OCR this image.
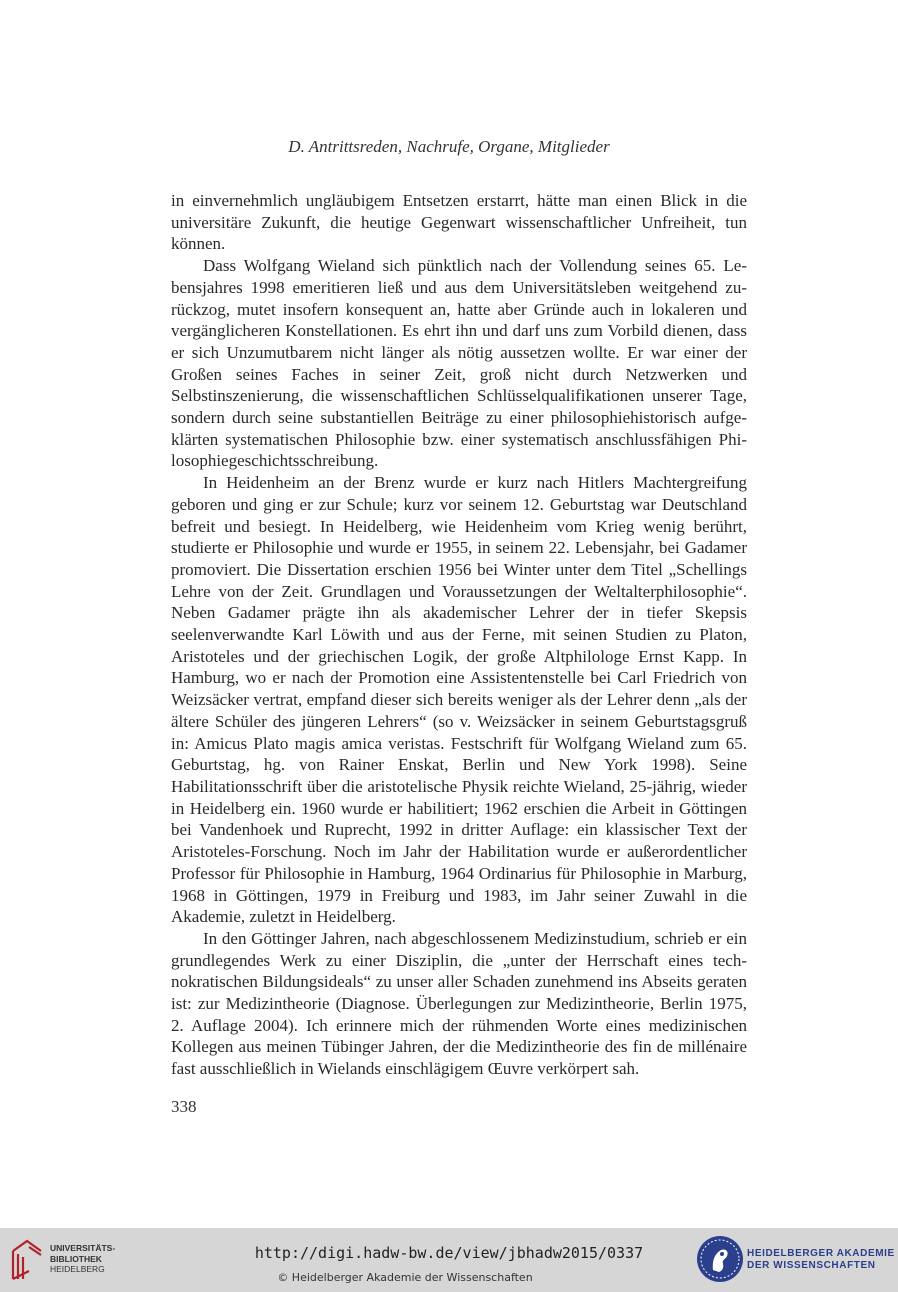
D. Antrittsreden, Nachrufe, Organe, Mitglieder

in einvernehmlich ungläubigem Entsetzen erstarrt, hätte man einen Blick in die universitäre Zukunft, die heutige Gegenwart wissenschaftlicher Unfreiheit, tun können.

Dass Wolfgang Wieland sich pünktlich nach der Vollendung seines 65. Lebensjahres 1998 emeritieren ließ und aus dem Universitätsleben weitgehend zurückzog, mutet insofern konsequent an, hatte aber Gründe auch in lokaleren und vergänglicheren Konstellationen. Es ehrt ihn und darf uns zum Vorbild dienen, dass er sich Unzumutbarem nicht länger als nötig aussetzen wollte. Er war einer der Großen seines Faches in seiner Zeit, groß nicht durch Netzwerken und Selbstinszenierung, die wissenschaftlichen Schlüsselqualifikationen unserer Tage, sondern durch seine substantiellen Beiträge zu einer philosophiehistorisch aufgeklärten systematischen Philosophie bzw. einer systematisch anschlussfähigen Philosophiegeschichtsschreibung.

In Heidenheim an der Brenz wurde er kurz nach Hitlers Machtergreifung geboren und ging er zur Schule; kurz vor seinem 12. Geburtstag war Deutschland befreit und besiegt. In Heidelberg, wie Heidenheim vom Krieg wenig berührt, studierte er Philosophie und wurde er 1955, in seinem 22. Lebensjahr, bei Gadamer promoviert. Die Dissertation erschien 1956 bei Winter unter dem Titel „Schellings Lehre von der Zeit. Grundlagen und Voraussetzungen der Weltalterphilosophie“. Neben Gadamer prägte ihn als akademischer Lehrer der in tiefer Skepsis seelenverwandte Karl Löwith und aus der Ferne, mit seinen Studien zu Platon, Aristoteles und der griechischen Logik, der große Altphilologe Ernst Kapp. In Hamburg, wo er nach der Promotion eine Assistentenstelle bei Carl Friedrich von Weizsäcker vertrat, empfand dieser sich bereits weniger als der Lehrer denn „als der ältere Schüler des jüngeren Lehrers“ (so v. Weizsäcker in seinem Geburtstagsgruß in: Amicus Plato magis amica veristas. Festschrift für Wolfgang Wieland zum 65. Geburtstag, hg. von Rainer Enskat, Berlin und New York 1998). Seine Habilitationsschrift über die aristotelische Physik reichte Wieland, 25-jährig, wieder in Heidelberg ein. 1960 wurde er habilitiert; 1962 erschien die Arbeit in Göttingen bei Vandenhoek und Ruprecht, 1992 in dritter Auflage: ein klassischer Text der Aristoteles-Forschung. Noch im Jahr der Habilitation wurde er außerordentlicher Professor für Philosophie in Hamburg, 1964 Ordinarius für Philosophie in Marburg, 1968 in Göttingen, 1979 in Freiburg und 1983, im Jahr seiner Zuwahl in die Akademie, zuletzt in Heidelberg.

In den Göttinger Jahren, nach abgeschlossenem Medizinstudium, schrieb er ein grundlegendes Werk zu einer Disziplin, die „unter der Herrschaft eines technokratischen Bildungsideals“ zu unser aller Schaden zunehmend ins Abseits geraten ist: zur Medizintheorie (Diagnose. Überlegungen zur Medizintheorie, Berlin 1975, 2. Auflage 2004). Ich erinnere mich der rühmenden Worte eines medizinischen Kollegen aus meinen Tübinger Jahren, der die Medizintheorie des fin de millénaire fast ausschließlich in Wielands einschlägigem Œuvre verkörpert sah.

338
UNIVERSITÄTS-
BIBLIOTHEK
HEIDELBERG
http://digi.hadw-bw.de/view/jbhadw2015/0337
© Heidelberger Akademie der Wissenschaften
HEIDELBERGER AKADEMIE
DER WISSENSCHAFTEN
